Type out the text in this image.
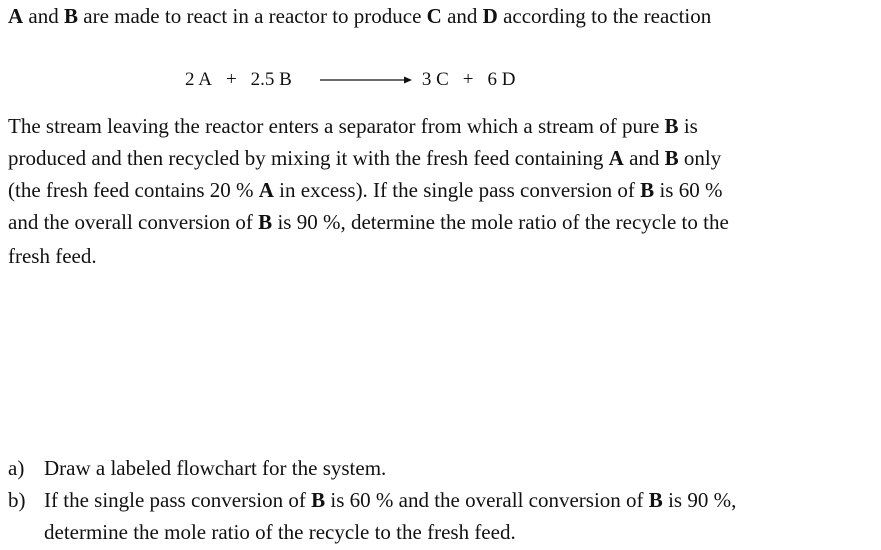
A and B are made to react in a reactor to produce C and D according to the reaction
2 A + 2.5 B	3 C + 6 D
The stream leaving the reactor enters a separator from which a stream of pure B is
produced and then recycled by mixing it with the fresh feed containing A and B only
(the fresh feed contains 20 % A in excess). If the single pass conversion of B is 60 %
and the overall conversion of B is 90 %, determine the mole ratio of the recycle to the
fresh feed.
a) Draw a labeled flowchart for the system.
b) If the single pass conversion of B is 60 % and the overall conversion of B is 90 %,
determine the mole ratio of the recycle to the fresh feed.
